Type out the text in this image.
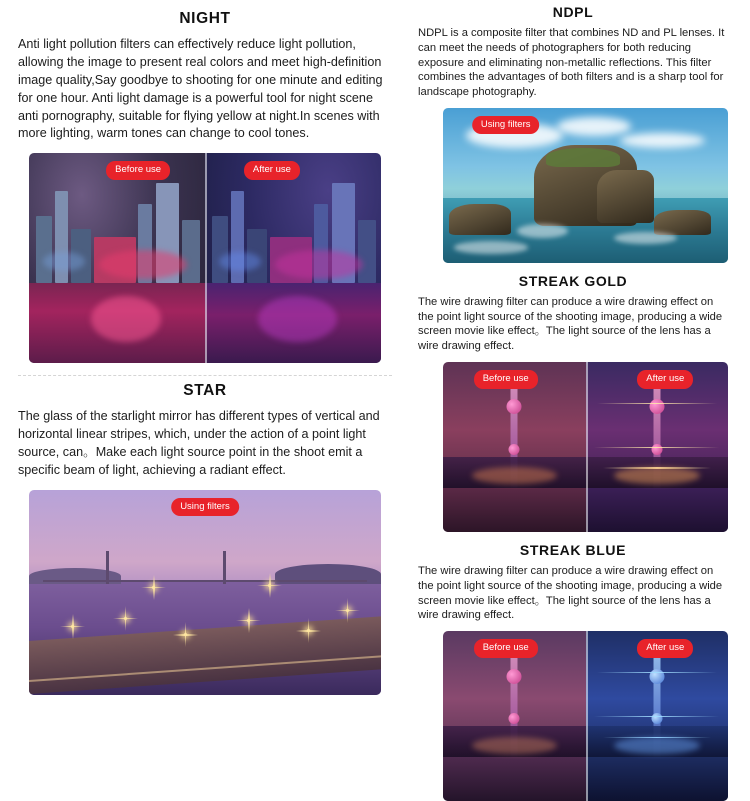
NIGHT

Anti light pollution filters can effectively reduce light pollution, allowing the image to present real colors and meet high-definition image quality,Say goodbye to shooting for one minute and editing for one hour. Anti light damage is a powerful tool for night scene anti pornography, suitable for flying yellow at night.In scenes with more lighting, warm tones can change to cool tones.

Before use	After use
STAR

The glass of the starlight mirror has different types of vertical and horizontal linear stripes, which, under the action of a point light source, can。Make each light source point in the shoot emit a specific beam of light, achieving a radiant effect.

Using filters
NDPL

NDPL is a composite filter that combines ND and PL lenses. It can meet the needs of photographers for both reducing exposure and eliminating non-metallic reflections. This filter combines the advantages of both filters and is a sharp tool for landscape photography.

Using filters
STREAK GOLD

The wire drawing filter can produce a wire drawing effect on the point light source of the shooting image, producing a wide screen movie like effect。The light source of the lens has a wire drawing effect.

Before use	After use
STREAK BLUE

The wire drawing filter can produce a wire drawing effect on the point light source of the shooting image, producing a wide screen movie like effect。The light source of the lens has a wire drawing effect.

Before use	After use
